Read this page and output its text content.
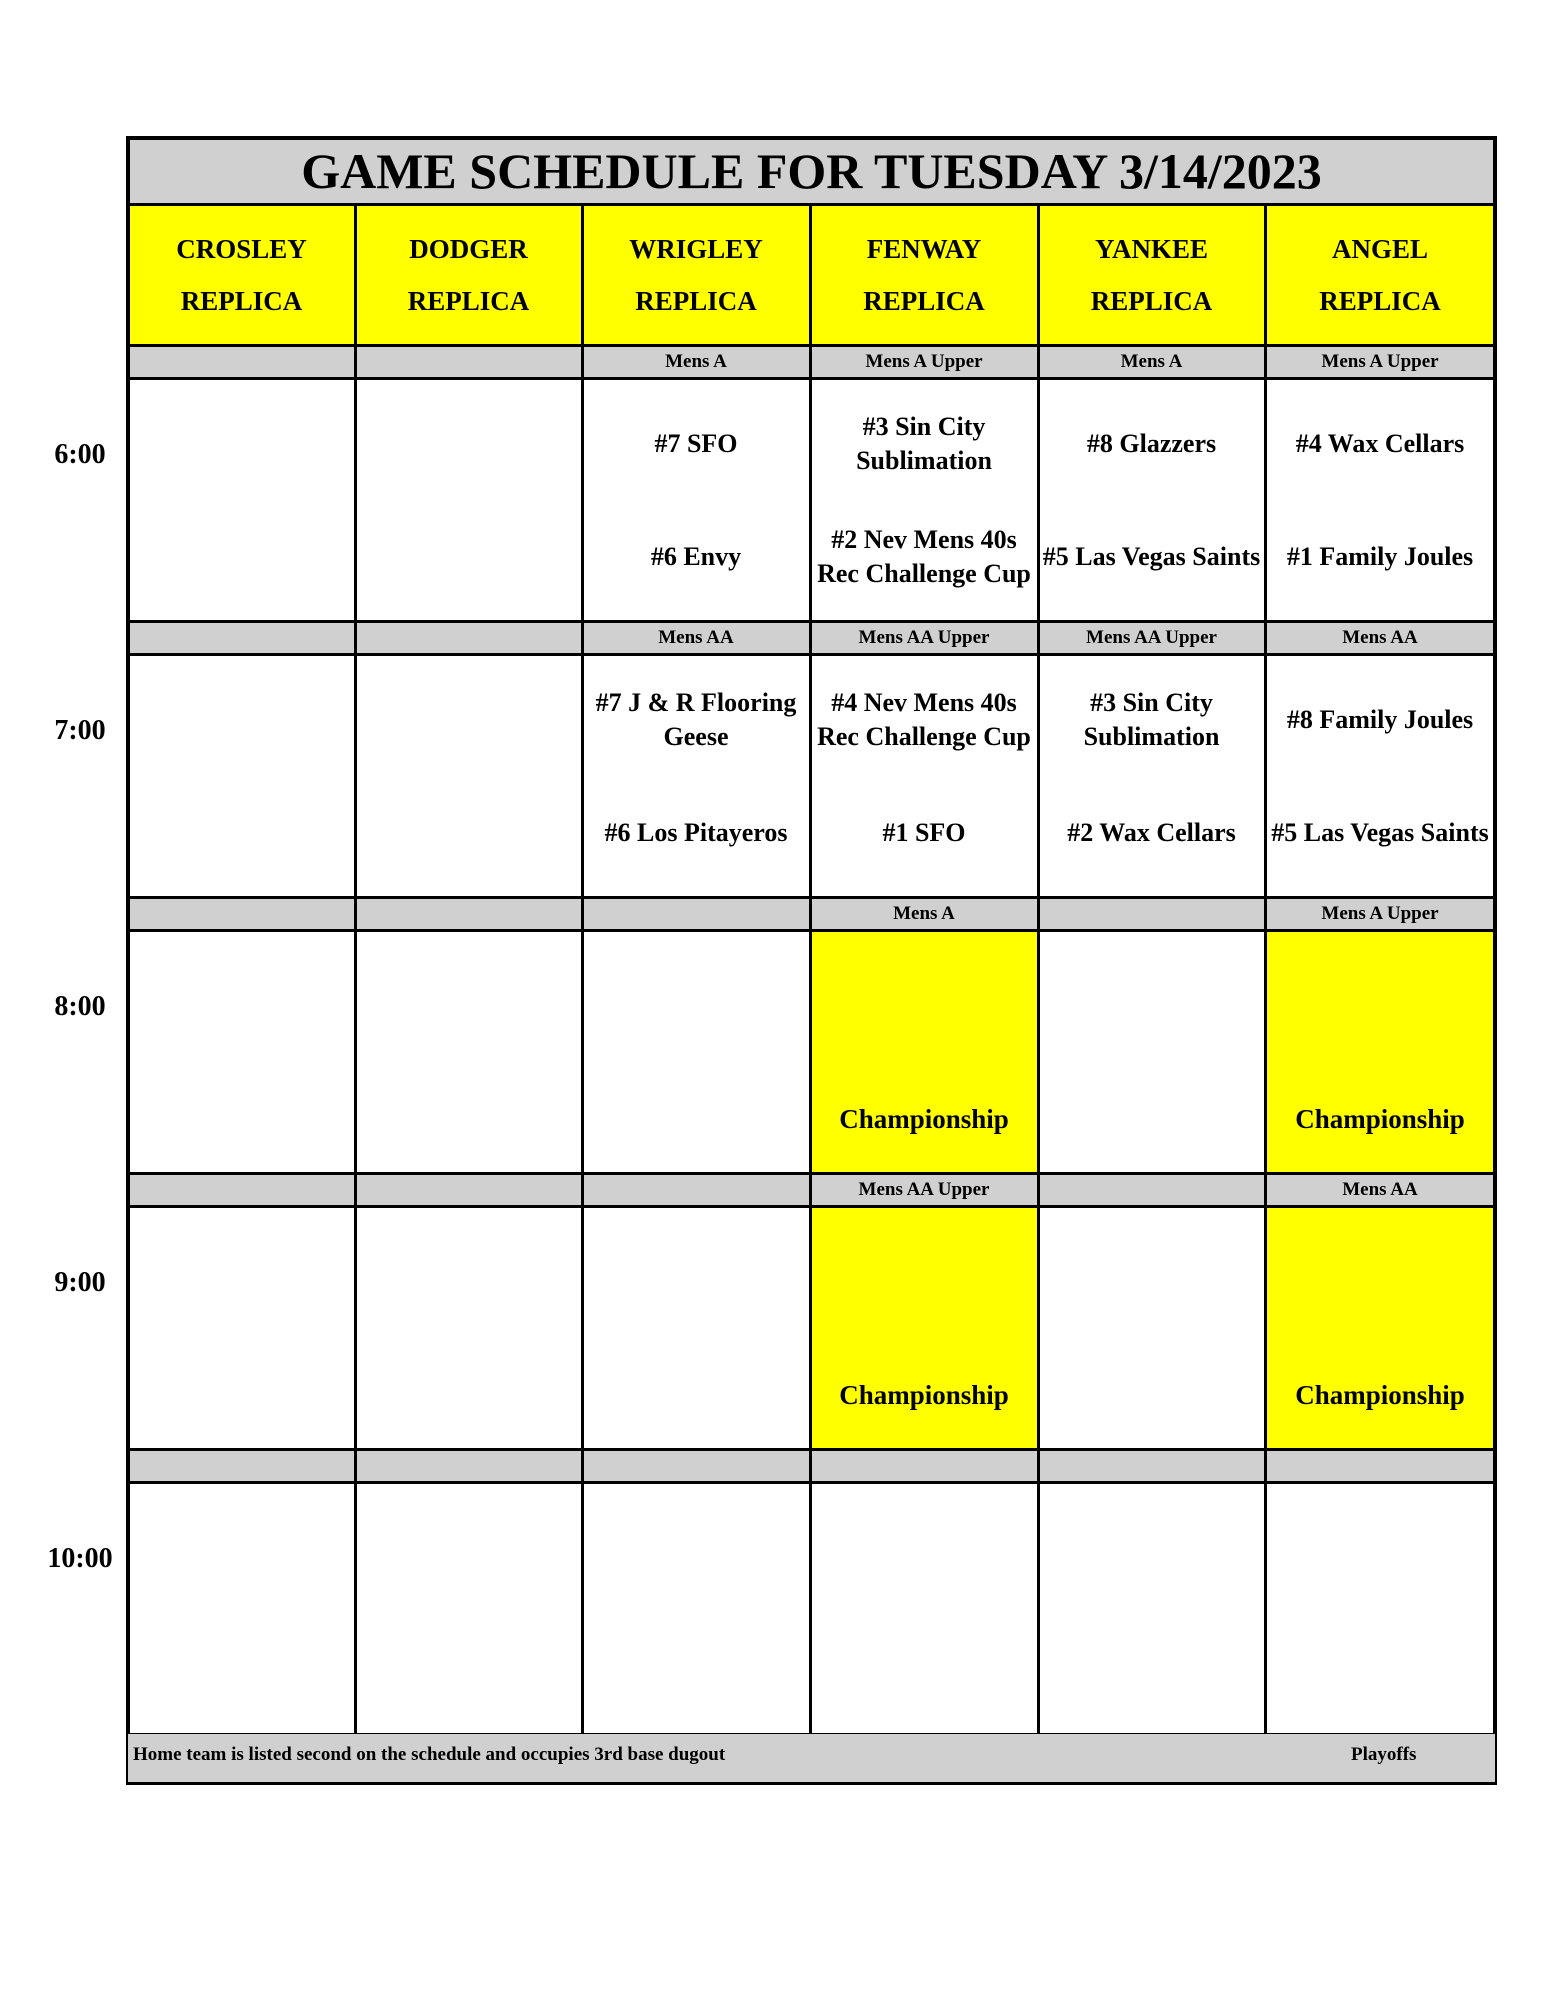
GAME SCHEDULE FOR TUESDAY 3/14/2023
CROSLEY
REPLICA
DODGER
REPLICA
WRIGLEY
REPLICA
FENWAY
REPLICA
YANKEE
REPLICA
ANGEL
REPLICA
6:00
Mens A
#7 SFO
#6 Envy
Mens A Upper
#3 Sin City Sublimation
#2 Nev Mens 40s Rec Challenge Cup
Mens A
#8 Glazzers
#5 Las Vegas Saints
Mens A Upper
#4 Wax Cellars
#1 Family Joules
7:00
Mens AA
#7 J & R Flooring Geese
#6 Los Pitayeros
Mens AA Upper
#4 Nev Mens 40s Rec Challenge Cup
#1 SFO
Mens AA Upper
#3 Sin City Sublimation
#2 Wax Cellars
Mens AA
#8 Family Joules
#5 Las Vegas Saints
8:00
Mens A
Championship
Mens A Upper
Championship
9:00
Mens AA Upper
Championship
Mens AA
Championship
10:00
Home team is listed second on the schedule and occupies 3rd base dugout	Playoffs
